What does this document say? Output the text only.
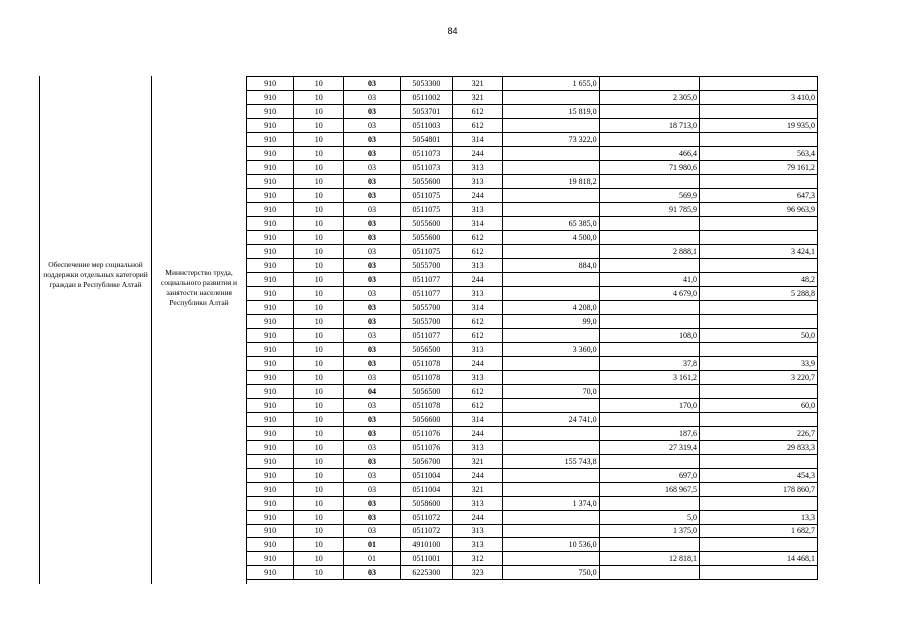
84
Обеспечение мер социальной поддержки отдельных категорий граждан в Республике Алтай
Министерство труда, социального развития и занятости населения Республики Алтай
910	10	03	5053300	321	1 655,0		
910	10	03	0511002	321		2 305,0	3 410,0
910	10	03	5053701	612	15 819,0		
910	10	03	0511003	612		18 713,0	19 935,0
910	10	03	5054801	314	73 322,0		
910	10	03	0511073	244		466,4	563,4
910	10	03	0511073	313		71 980,6	79 161,2
910	10	03	5055600	313	19 818,2		
910	10	03	0511075	244		569,9	647,3
910	10	03	0511075	313		91 785,9	96 963,9
910	10	03	5055600	314	65 385,0		
910	10	03	5055600	612	4 500,0		
910	10	03	0511075	612		2 888,1	3 424,1
910	10	03	5055700	313	884,0		
910	10	03	0511077	244		41,0	48,2
910	10	03	0511077	313		4 679,0	5 288,8
910	10	03	5055700	314	4 208,0		
910	10	03	5055700	612	99,0		
910	10	03	0511077	612		108,0	50,0
910	10	03	5056500	313	3 360,0		
910	10	03	0511078	244		37,8	33,9
910	10	03	0511078	313		3 161,2	3 220,7
910	10	04	5056500	612	70,0		
910	10	03	0511078	612		170,0	60,0
910	10	03	5056600	314	24 741,0		
910	10	03	0511076	244		187,6	226,7
910	10	03	0511076	313		27 319,4	29 833,3
910	10	03	5056700	321	155 743,8		
910	10	03	0511004	244		697,0	454,3
910	10	03	0511004	321		168 967,5	178 860,7
910	10	03	5058600	313	1 374,0		
910	10	03	0511072	244		5,0	13,3
910	10	03	0511072	313		1 375,0	1 682,7
910	10	01	4910100	313	10 536,0		
910	10	01	0511001	312		12 818,1	14 468,1
910	10	03	6225300	323	750,0		
